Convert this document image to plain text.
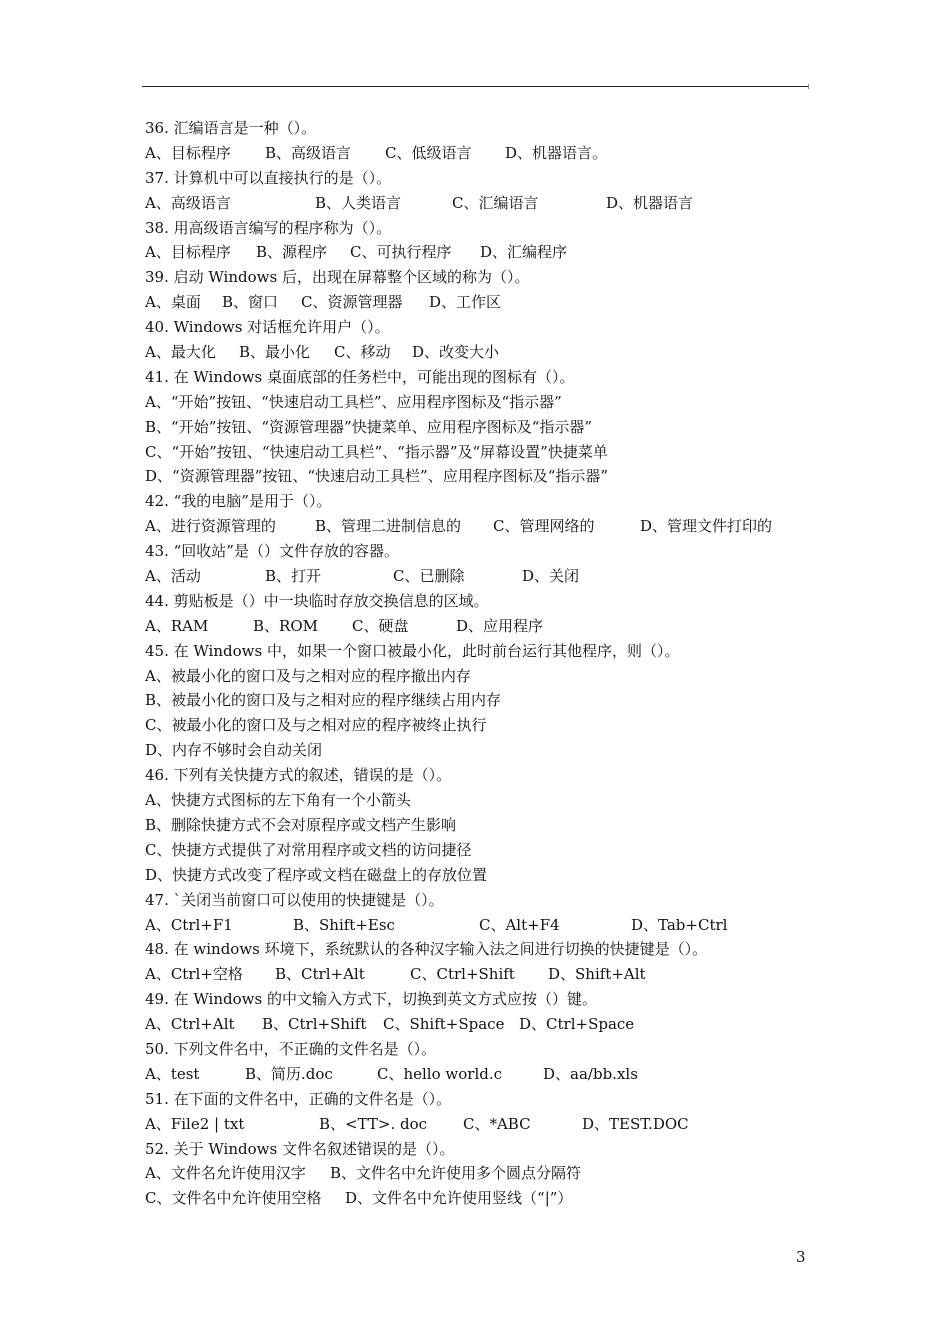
36. 汇编语言是一种（）。
A、目标程序 B、高级语言 C、低级语言 D、机器语言。
37. 计算机中可以直接执行的是（）。
A、高级语言	B、人类语言	C、汇编语言	D、机器语言
38. 用高级语言编写的程序称为（）。
A、目标程序 B、源程序 C、可执行程序 D、汇编程序
39. 启动 Windows 后，出现在屏幕整个区域的称为（）。
A、桌面 B、窗口 C、资源管理器 D、工作区
40. Windows 对话框允许用户（）。
A、最大化 B、最小化 C、移动 D、改变大小
41. 在 Windows 桌面底部的任务栏中，可能出现的图标有（）。
A、“开始”按钮、“快速启动工具栏”、应用程序图标及“指示器”
B、“开始”按钮、“资源管理器”快捷菜单、应用程序图标及“指示器”
C、“开始”按钮、“快速启动工具栏”、“指示器”及“屏幕设置”快捷菜单
D、“资源管理器”按钮、“快速启动工具栏”、应用程序图标及“指示器”
42. “我的电脑”是用于（）。
A、进行资源管理的	B、管理二进制信息的 C、管理网络的	D、管理文件打印的
43. “回收站”是（）文件存放的容器。
A、活动	B、打开	C、已删除	D、关闭
44. 剪贴板是（）中一块临时存放交换信息的区域。
A、RAM	B、ROM C、硬盘	D、应用程序
45. 在 Windows 中，如果一个窗口被最小化，此时前台运行其他程序，则（）。
A、被最小化的窗口及与之相对应的程序撤出内存
B、被最小化的窗口及与之相对应的程序继续占用内存
C、被最小化的窗口及与之相对应的程序被终止执行
D、内存不够时会自动关闭
46. 下列有关快捷方式的叙述，错误的是（）。
A、快捷方式图标的左下角有一个小箭头
B、删除快捷方式不会对原程序或文档产生影响
C、快捷方式提供了对常用程序或文档的访问捷径
D、快捷方式改变了程序或文档在磁盘上的存放位置
47. `关闭当前窗口可以使用的快捷键是（）。
A、Ctrl+F1	B、Shift+Esc	C、Alt+F4	D、Tab+Ctrl
48. 在 windows 环境下，系统默认的各种汉字输入法之间进行切换的快捷键是（）。
A、Ctrl+空格 B、Ctrl+Alt	C、Ctrl+Shift D、Shift+Alt
49. 在 Windows 的中文输入方式下，切换到英文方式应按（）键。
A、Ctrl+Alt B、Ctrl+Shift C、Shift+Space D、Ctrl+Space
50. 下列文件名中，不正确的文件名是（）。
A、test	B、简历.doc	C、hello world.c	D、aa/bb.xls
51. 在下面的文件名中，正确的文件名是（）。
A、File2 | txt	B、<TT>. doc C、*ABC	D、TEST.DOC
52. 关于 Windows 文件名叙述错误的是（）。
A、文件名允许使用汉字 B、文件名中允许使用多个圆点分隔符
C、文件名中允许使用空格 D、文件名中允许使用竖线（“|”）
3
